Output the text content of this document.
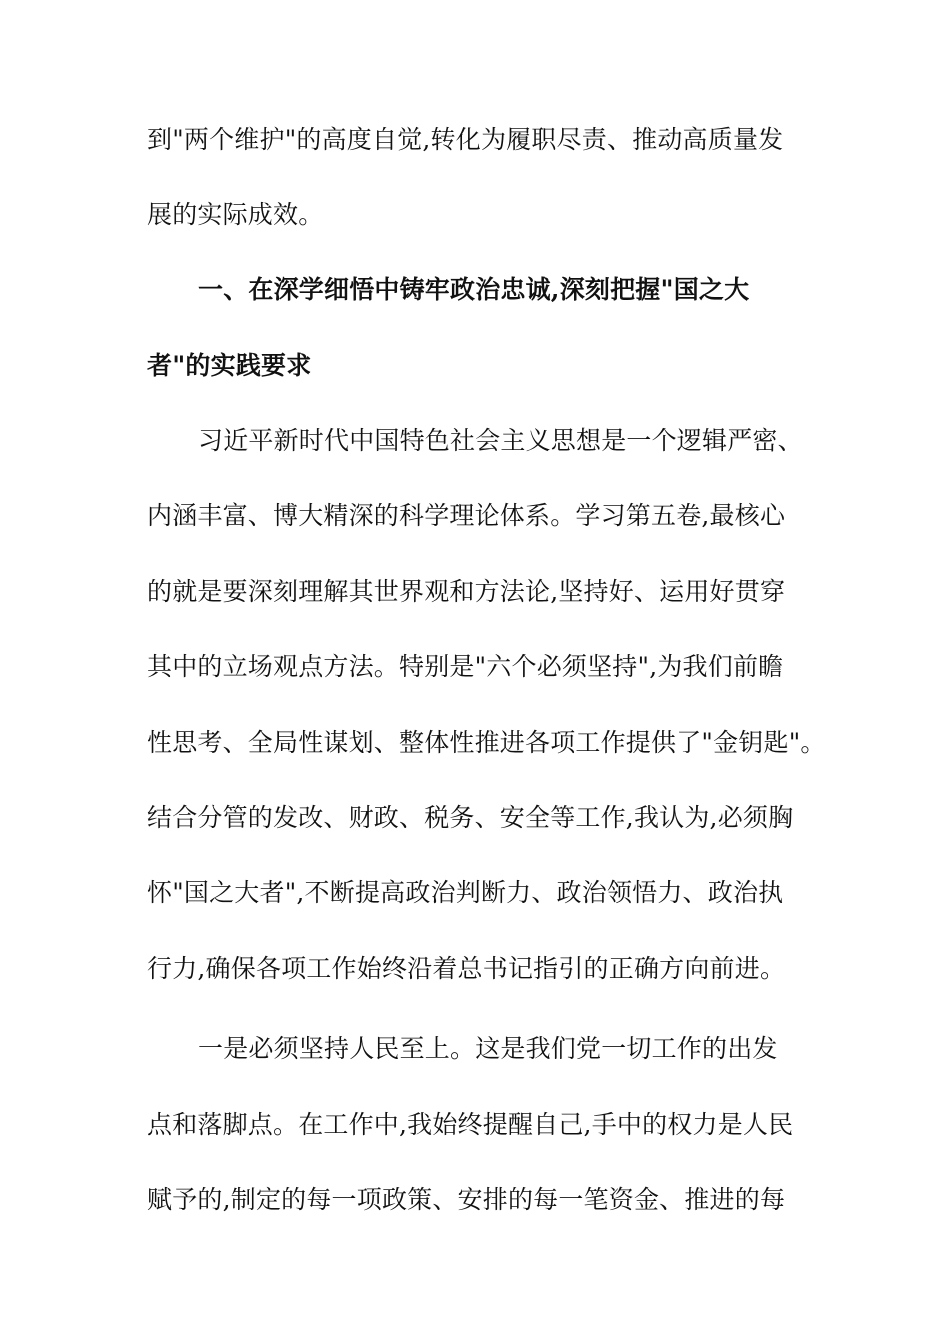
到"两个维护"的高度自觉,转化为履职尽责、推动高质量发
展的实际成效。
一、在深学细悟中铸牢政治忠诚,深刻把握"国之大
者"的实践要求
习近平新时代中国特色社会主义思想是一个逻辑严密、
内涵丰富、博大精深的科学理论体系。学习第五卷,最核心
的就是要深刻理解其世界观和方法论,坚持好、运用好贯穿
其中的立场观点方法。特别是"六个必须坚持",为我们前瞻
性思考、全局性谋划、整体性推进各项工作提供了"金钥匙"。
结合分管的发改、财政、税务、安全等工作,我认为,必须胸
怀"国之大者",不断提高政治判断力、政治领悟力、政治执
行力,确保各项工作始终沿着总书记指引的正确方向前进。
一是必须坚持人民至上。这是我们党一切工作的出发
点和落脚点。在工作中,我始终提醒自己,手中的权力是人民
赋予的,制定的每一项政策、安排的每一笔资金、推进的每
